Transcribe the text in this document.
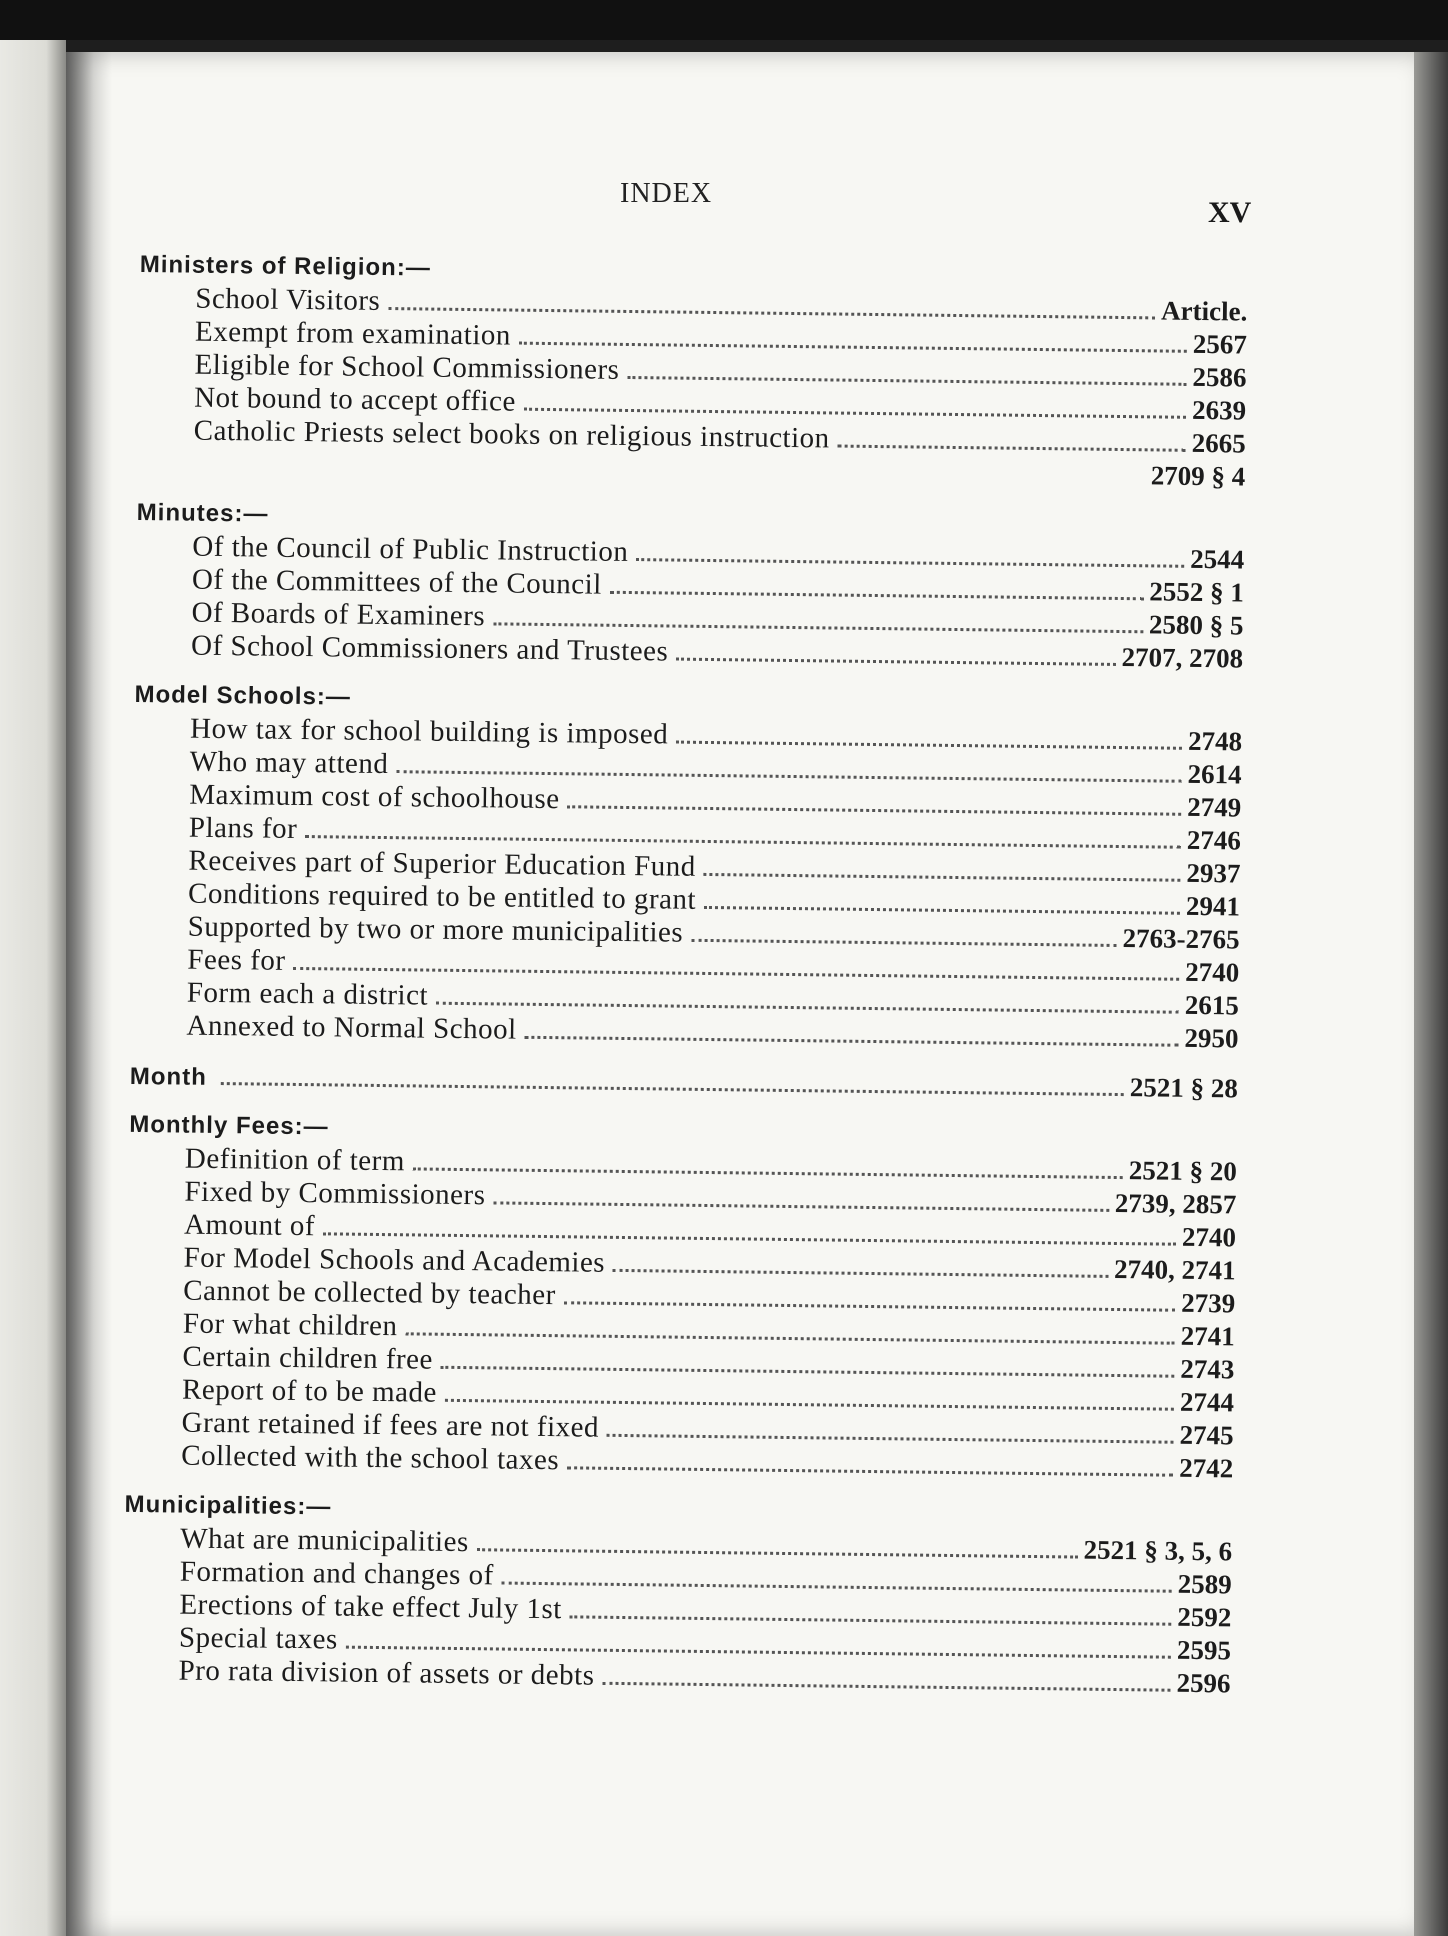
INDEX
XV
Ministers of Religion:—
School Visitors	Article.
Exempt from examination	2567
Eligible for School Commissioners	2586
Not bound to accept office	2639
Catholic Priests select books on religious instruction	2665
2709 § 4
Minutes:—
Of the Council of Public Instruction	2544
Of the Committees of the Council	2552 § 1
Of Boards of Examiners	2580 § 5
Of School Commissioners and Trustees	2707, 2708
Model Schools:—
How tax for school building is imposed	2748
Who may attend	2614
Maximum cost of schoolhouse	2749
Plans for	2746
Receives part of Superior Education Fund	2937
Conditions required to be entitled to grant	2941
Supported by two or more municipalities	2763-2765
Fees for	2740
Form each a district	2615
Annexed to Normal School	2950
Month	2521 § 28
Monthly Fees:—
Definition of term	2521 § 20
Fixed by Commissioners	2739, 2857
Amount of	2740
For Model Schools and Academies	2740, 2741
Cannot be collected by teacher	2739
For what children	2741
Certain children free	2743
Report of to be made	2744
Grant retained if fees are not fixed	2745
Collected with the school taxes	2742
Municipalities:—
What are municipalities	2521 § 3, 5, 6
Formation and changes of	2589
Erections of take effect July 1st	2592
Special taxes	2595
Pro rata division of assets or debts	2596
